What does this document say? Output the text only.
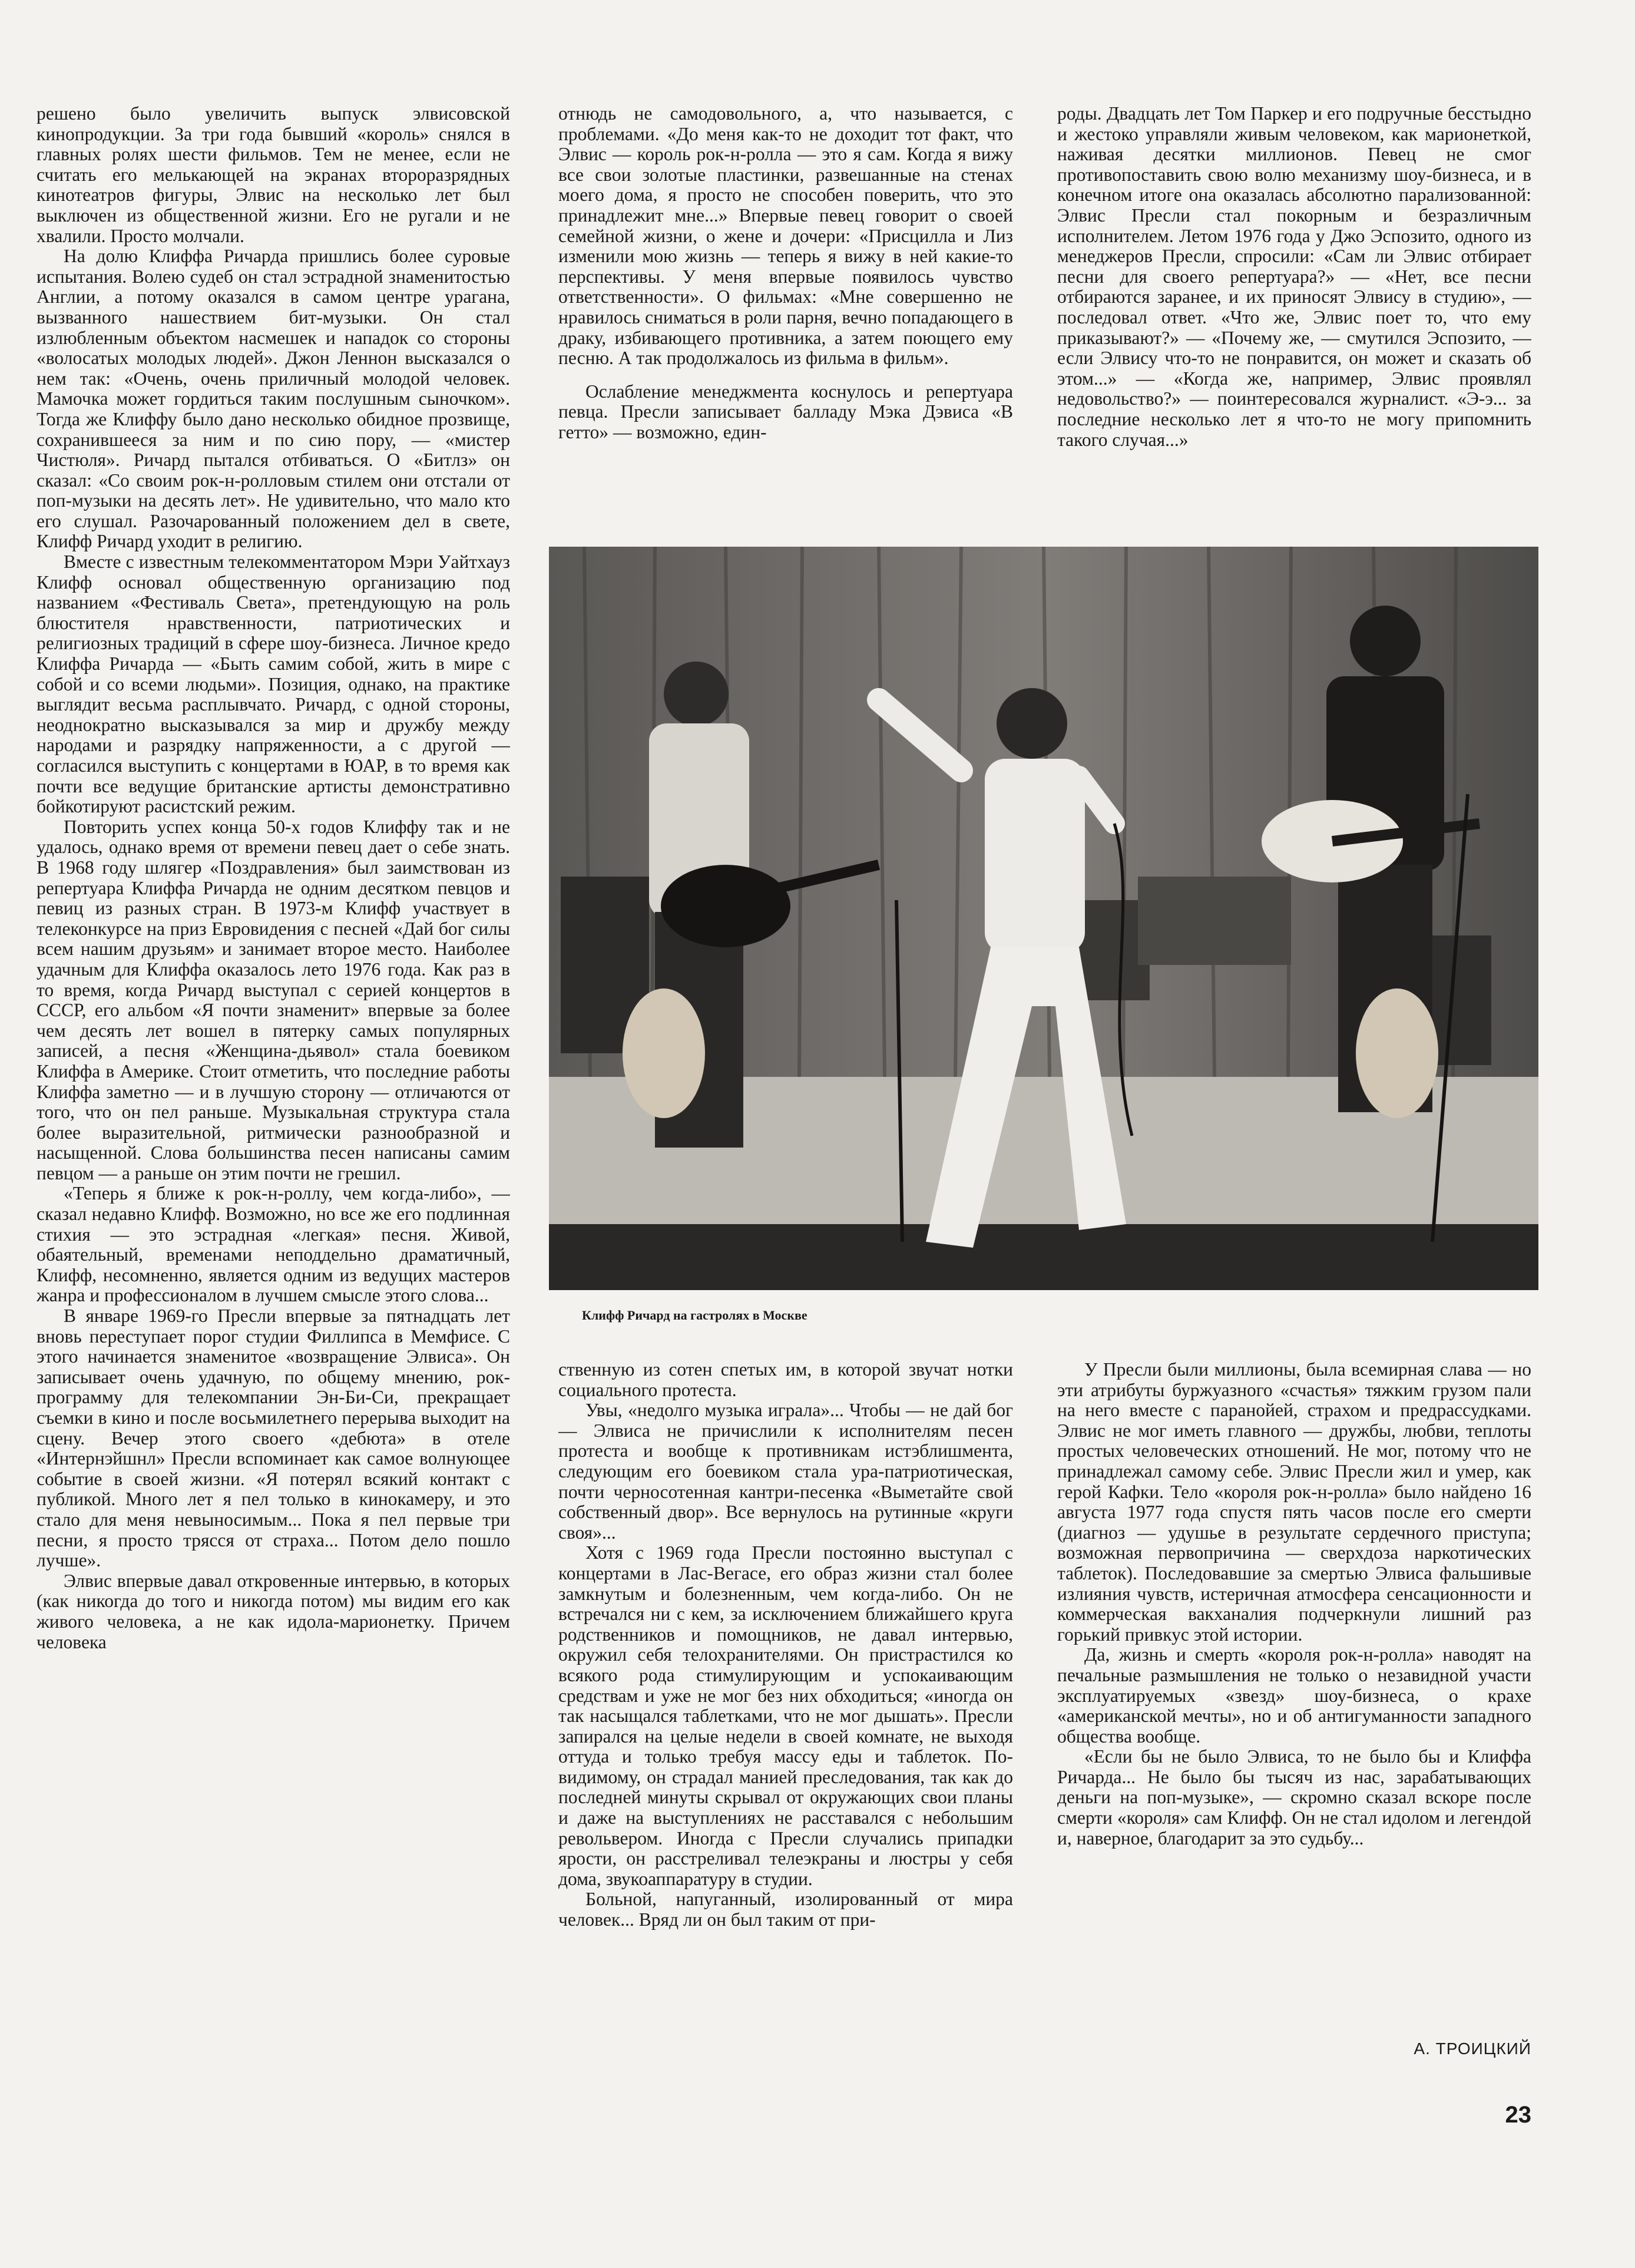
решено было увеличить выпуск элвисовской кинопродукции. За три года бывший «король» снялся в главных ролях шести фильмов. Тем не менее, если не считать его мелькающей на экранах второразрядных кинотеатров фигуры, Элвис на несколько лет был выключен из общественной жизни. Его не ругали и не хвалили. Просто молчали.

На долю Клиффа Ричарда пришлись более суровые испытания. Волею судеб он стал эстрадной знаменитостью Англии, а потому оказался в самом центре урагана, вызванного нашествием бит-музыки. Он стал излюбленным объектом насмешек и нападок со стороны «волосатых молодых людей». Джон Леннон высказался о нем так: «Очень, очень приличный молодой человек. Мамочка может гордиться таким послушным сыночком». Тогда же Клиффу было дано несколько обидное прозвище, сохранившееся за ним и по сию пору, — «мистер Чистюля». Ричард пытался отбиваться. О «Битлз» он сказал: «Со своим рок-н-ролловым стилем они отстали от поп-музыки на десять лет». Не удивительно, что мало кто его слушал. Разочарованный положением дел в свете, Клифф Ричард уходит в религию.

Вместе с известным телекомментатором Мэри Уайтхауз Клифф основал общественную организацию под названием «Фестиваль Света», претендующую на роль блюстителя нравственности, патриотических и религиозных традиций в сфере шоу-бизнеса. Личное кредо Клиффа Ричарда — «Быть самим собой, жить в мире с собой и со всеми людьми». Позиция, однако, на практике выглядит весьма расплывчато. Ричард, с одной стороны, неоднократно высказывался за мир и дружбу между народами и разрядку напряженности, а с другой — согласился выступить с концертами в ЮАР, в то время как почти все ведущие британские артисты демонстративно бойкотируют расистский режим.

Повторить успех конца 50-х годов Клиффу так и не удалось, однако время от времени певец дает о себе знать. В 1968 году шлягер «Поздравления» был заимствован из репертуара Клиффа Ричарда не одним десятком певцов и певиц из разных стран. В 1973-м Клифф участвует в телеконкурсе на приз Евровидения с песней «Дай бог силы всем нашим друзьям» и занимает второе место. Наиболее удачным для Клиффа оказалось лето 1976 года. Как раз в то время, когда Ричард выступал с серией концертов в СССР, его альбом «Я почти знаменит» впервые за более чем десять лет вошел в пятерку самых популярных записей, а песня «Женщина-дьявол» стала боевиком Клиффа в Америке. Стоит отметить, что последние работы Клиффа заметно — и в лучшую сторону — отличаются от того, что он пел раньше. Музыкальная структура стала более выразительной, ритмически разнообразной и насыщенной. Слова большинства песен написаны самим певцом — а раньше он этим почти не грешил.

«Теперь я ближе к рок-н-роллу, чем когда-либо», — сказал недавно Клифф. Возможно, но все же его подлинная стихия — это эстрадная «легкая» песня. Живой, обаятельный, временами неподдельно драматичный, Клифф, несомненно, является одним из ведущих мастеров жанра и профессионалом в лучшем смысле этого слова...

В январе 1969-го Пресли впервые за пятнадцать лет вновь переступает порог студии Филлипса в Мемфисе. С этого начинается знаменитое «возвращение Элвиса». Он записывает очень удачную, по общему мнению, рок-программу для телекомпании Эн-Би-Си, прекращает съемки в кино и после восьмилетнего перерыва выходит на сцену. Вечер этого своего «дебюта» в отеле «Интернэйшнл» Пресли вспоминает как самое волнующее событие в своей жизни. «Я потерял всякий контакт с публикой. Много лет я пел только в кинокамеру, и это стало для меня невыносимым... Пока я пел первые три песни, я просто трясся от страха... Потом дело пошло лучше».

Элвис впервые давал откровенные интервью, в которых (как никогда до того и никогда потом) мы видим его как живого человека, а не как идола-марионетку. Причем человека

отнюдь не самодовольного, а, что называется, с проблемами. «До меня как-то не доходит тот факт, что Элвис — король рок-н-ролла — это я сам. Когда я вижу все свои золотые пластинки, развешанные на стенах моего дома, я просто не способен поверить, что это принадлежит мне...» Впервые певец говорит о своей семейной жизни, о жене и дочери: «Присцилла и Лиз изменили мою жизнь — теперь я вижу в ней какие-то перспективы. У меня впервые появилось чувство ответственности». О фильмах: «Мне совершенно не нравилось сниматься в роли парня, вечно попадающего в драку, избивающего противника, а затем поющего ему песню. А так продолжалось из фильма в фильм».

Ослабление менеджмента коснулось и репертуара певца. Пресли записывает балладу Мэка Дэвиса «В гетто» — возможно, един-

роды. Двадцать лет Том Паркер и его подручные бесстыдно и жестоко управляли живым человеком, как марионеткой, наживая десятки миллионов. Певец не смог противопоставить свою волю механизму шоу-бизнеса, и в конечном итоге она оказалась абсолютно парализованной: Элвис Пресли стал покорным и безразличным исполнителем. Летом 1976 года у Джо Эспозито, одного из менеджеров Пресли, спросили: «Сам ли Элвис отбирает песни для своего репертуара?» — «Нет, все песни отбираются заранее, и их приносят Элвису в студию», — последовал ответ. «Что же, Элвис поет то, что ему приказывают?» — «Почему же, — смутился Эспозито, — если Элвису что-то не понравится, он может и сказать об этом...» — «Когда же, например, Элвис проявлял недовольство?» — поинтересовался журналист. «Э-э... за последние несколько лет я что-то не могу припомнить такого случая...»

Клифф Ричард на гастролях в Москве

ственную из сотен спетых им, в которой звучат нотки социального протеста.

Увы, «недолго музыка играла»... Чтобы — не дай бог — Элвиса не причислили к исполнителям песен протеста и вообще к противникам истэблишмента, следующим его боевиком стала ура-патриотическая, почти черносотенная кантри-песенка «Выметайте свой собственный двор». Все вернулось на рутинные «круги своя»...

Хотя с 1969 года Пресли постоянно выступал с концертами в Лас-Вегасе, его образ жизни стал более замкнутым и болезненным, чем когда-либо. Он не встречался ни с кем, за исключением ближайшего круга родственников и помощников, не давал интервью, окружил себя телохранителями. Он пристрастился ко всякого рода стимулирующим и успокаивающим средствам и уже не мог без них обходиться; «иногда он так насыщался таблетками, что не мог дышать». Пресли запирался на целые недели в своей комнате, не выходя оттуда и только требуя массу еды и таблеток. По-видимому, он страдал манией преследования, так как до последней минуты скрывал от окружающих свои планы и даже на выступлениях не расставался с небольшим револьвером. Иногда с Пресли случались припадки ярости, он расстреливал телеэкраны и люстры у себя дома, звукоаппаратуру в студии.

Больной, напуганный, изолированный от мира человек... Вряд ли он был таким от при-

У Пресли были миллионы, была всемирная слава — но эти атрибуты буржуазного «счастья» тяжким грузом пали на него вместе с паранойей, страхом и предрассудками. Элвис не мог иметь главного — дружбы, любви, теплоты простых человеческих отношений. Не мог, потому что не принадлежал самому себе. Элвис Пресли жил и умер, как герой Кафки. Тело «короля рок-н-ролла» было найдено 16 августа 1977 года спустя пять часов после его смерти (диагноз — удушье в результате сердечного приступа; возможная первопричина — сверхдоза наркотических таблеток). Последовавшие за смертью Элвиса фальшивые излияния чувств, истеричная атмосфера сенсационности и коммерческая вакханалия подчеркнули лишний раз горький привкус этой истории.

Да, жизнь и смерть «короля рок-н-ролла» наводят на печальные размышления не только о незавидной участи эксплуатируемых «звезд» шоу-бизнеса, о крахе «американской мечты», но и об антигуманности западного общества вообще.

«Если бы не было Элвиса, то не было бы и Клиффа Ричарда... Не было бы тысяч из нас, зарабатывающих деньги на поп-музыке», — скромно сказал вскоре после смерти «короля» сам Клифф. Он не стал идолом и легендой и, наверное, благодарит за это судьбу...

А. ТРОИЦКИЙ
23
